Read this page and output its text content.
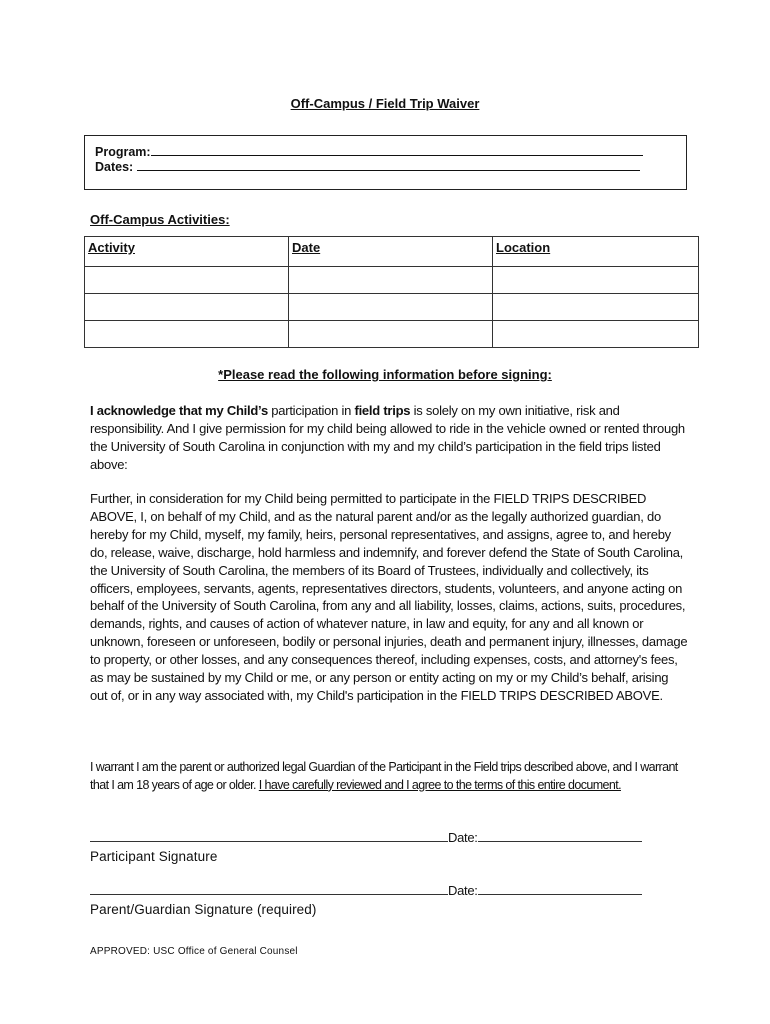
Off-Campus / Field Trip Waiver
Program:
Dates:
Off-Campus Activities:
Activity	Date	Location

*Please read the following information before signing:
I acknowledge that my Child’s participation in field trips is solely on my own initiative, risk and responsibility. And I give permission for my child being allowed to ride in the vehicle owned or rented through the University of South Carolina in conjunction with my and my child’s participation in the field trips listed above:
Further, in consideration for my Child being permitted to participate in the FIELD TRIPS DESCRIBED ABOVE, I, on behalf of my Child, and as the natural parent and/or as the legally authorized guardian, do hereby for my Child, myself, my family, heirs, personal representatives, and assigns, agree to, and hereby do, release, waive, discharge, hold harmless and indemnify, and forever defend the State of South Carolina, the University of South Carolina, the members of its Board of Trustees, individually and collectively, its officers, employees, servants, agents, representatives directors, students, volunteers, and anyone acting on behalf of the University of South Carolina, from any and all liability, losses, claims, actions, suits, procedures, demands, rights, and causes of action of whatever nature, in law and equity, for any and all known or unknown, foreseen or unforeseen, bodily or personal injuries, death and permanent injury, illnesses, damage to property, or other losses, and any consequences thereof, including expenses, costs, and attorney's fees, as may be sustained by my Child or me, or any person or entity acting on my or my Child’s behalf, arising out of, or in any way associated with, my Child's participation in the FIELD TRIPS DESCRIBED ABOVE.
I warrant I am the parent or authorized legal Guardian of the Participant in the Field trips described above, and I warrant that I am 18 years of age or older. I have carefully reviewed and I agree to the terms of this entire document.
Date:
Participant Signature
Date:
Parent/Guardian Signature (required)
APPROVED: USC Office of General Counsel
